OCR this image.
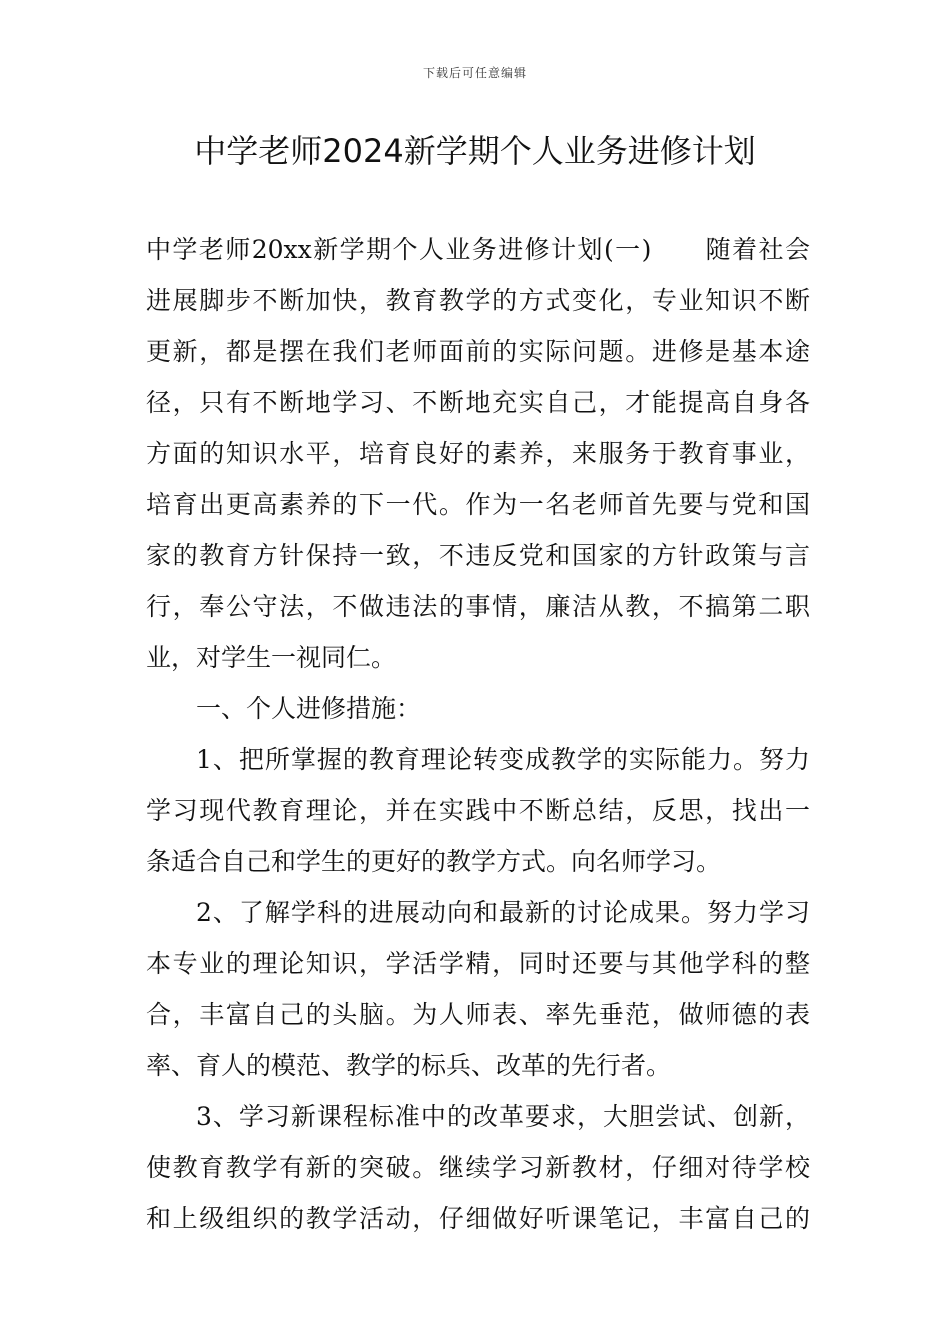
下载后可任意编辑
中学老师2024新学期个人业务进修计划
中学老师20xx新学期个人业务进修计划(一)　　随着社会
进展脚步不断加快，教育教学的方式变化，专业知识不断
更新，都是摆在我们老师面前的实际问题。进修是基本途
径，只有不断地学习、不断地充实自己，才能提高自身各
方面的知识水平，培育良好的素养，来服务于教育事业，
培育出更高素养的下一代。作为一名老师首先要与党和国
家的教育方针保持一致，不违反党和国家的方针政策与言
行，奉公守法，不做违法的事情，廉洁从教，不搞第二职
业，对学生一视同仁。
一、个人进修措施：
1、把所掌握的教育理论转变成教学的实际能力。努力
学习现代教育理论，并在实践中不断总结，反思，找出一
条适合自己和学生的更好的教学方式。向名师学习。
2、了解学科的进展动向和最新的讨论成果。努力学习
本专业的理论知识，学活学精，同时还要与其他学科的整
合，丰富自己的头脑。为人师表、率先垂范，做师德的表
率、育人的模范、教学的标兵、改革的先行者。
3、学习新课程标准中的改革要求，大胆尝试、创新，
使教育教学有新的突破。继续学习新教材，仔细对待学校
和上级组织的教学活动，仔细做好听课笔记，丰富自己的
